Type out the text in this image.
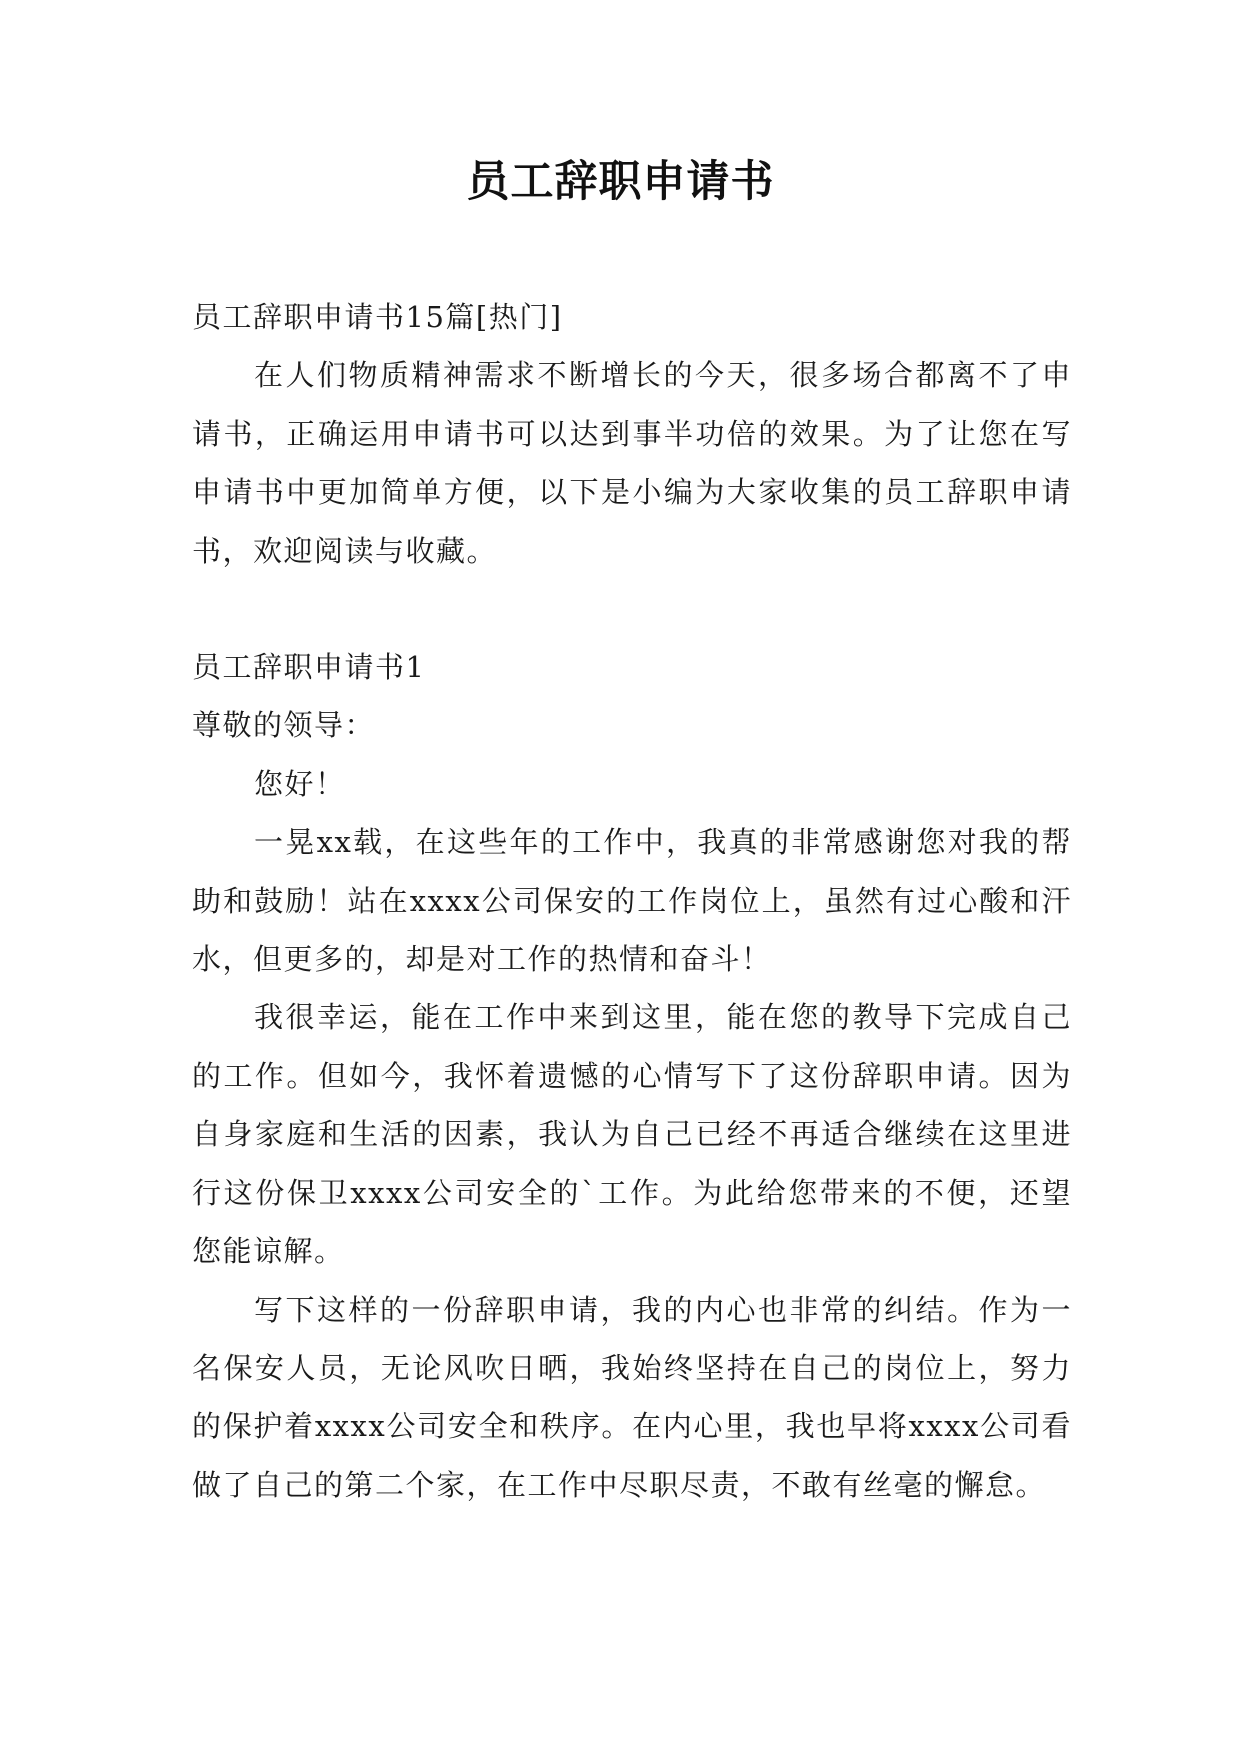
员工辞职申请书

员工辞职申请书15篇[热门]

在人们物质精神需求不断增长的今天，很多场合都离不了申请书，正确运用申请书可以达到事半功倍的效果。为了让您在写申请书中更加简单方便，以下是小编为大家收集的员工辞职申请书，欢迎阅读与收藏。

员工辞职申请书1

尊敬的领导：

您好！

一晃xx载，在这些年的工作中，我真的非常感谢您对我的帮助和鼓励！站在xxxx公司保安的工作岗位上，虽然有过心酸和汗水，但更多的，却是对工作的热情和奋斗！

我很幸运，能在工作中来到这里，能在您的教导下完成自己的工作。但如今，我怀着遗憾的心情写下了这份辞职申请。因为自身家庭和生活的因素，我认为自己已经不再适合继续在这里进行这份保卫xxxx公司安全的`工作。为此给您带来的不便，还望您能谅解。

写下这样的一份辞职申请，我的内心也非常的纠结。作为一名保安人员，无论风吹日晒，我始终坚持在自己的岗位上，努力的保护着xxxx公司安全和秩序。在内心里，我也早将xxxx公司看做了自己的第二个家，在工作中尽职尽责，不敢有丝毫的懈怠。
